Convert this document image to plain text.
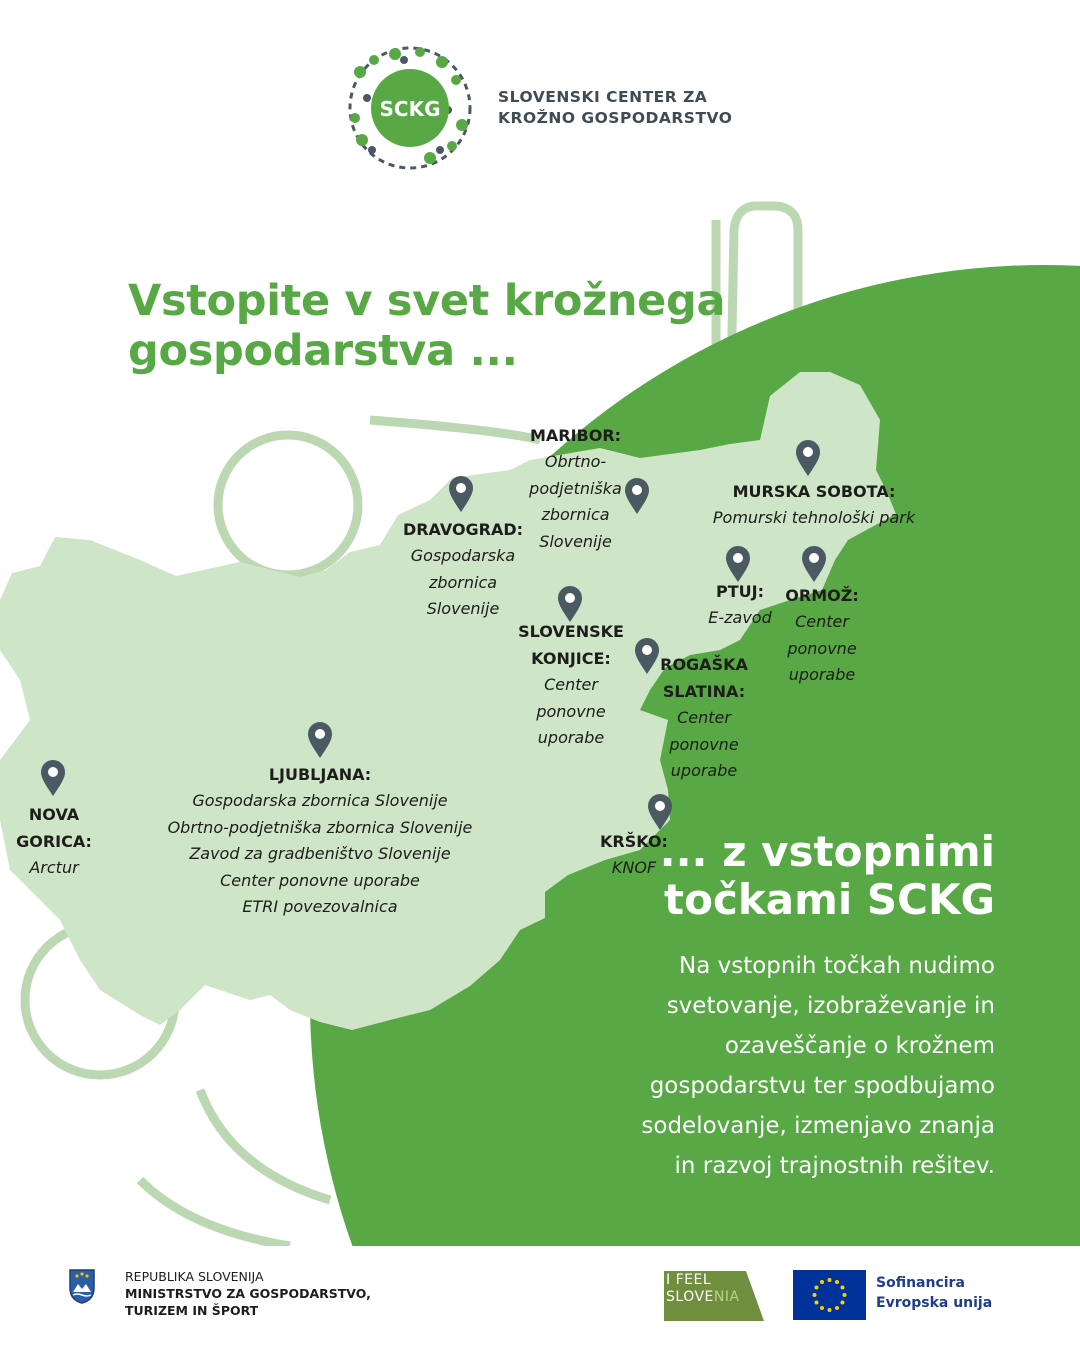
SCKG	SLOVENSKI CENTER ZA
KROŽNO GOSPODARSTVO
Vstopite v svet krožnega
gospodarstva ...
MARIBOR:
Obrtno-
podjetniška
zbornica
Slovenije
DRAVOGRAD:
Gospodarska
zbornica
Slovenije
MURSKA SOBOTA:
Pomurski tehnološki park
PTUJ:
E-zavod
ORMOŽ:
Center
ponovne
uporabe
SLOVENSKE
KONJICE:
Center
ponovne
uporabe
ROGAŠKA
SLATINA:
Center
ponovne
uporabe
LJUBLJANA:
Gospodarska zbornica Slovenije
Obrtno-podjetniška zbornica Slovenije
Zavod za gradbeništvo Slovenije
Center ponovne uporabe
ETRI povezovalnica
NOVA
GORICA:
Arctur
KRŠKO:
KNOF ... z vstopnimi
točkami SCKG
Na vstopnih točkah nudimo
svetovanje, izobraževanje in
ozaveščanje o krožnem
gospodarstvu ter spodbujamo
sodelovanje, izmenjavo znanja
in razvoj trajnostnih rešitev.
REPUBLIKA SLOVENIJA
MINISTRSTVO ZA GOSPODARSTVO,
TURIZEM IN ŠPORT
I FEEL
SLOVENIA
Sofinancira
Evropska unija
